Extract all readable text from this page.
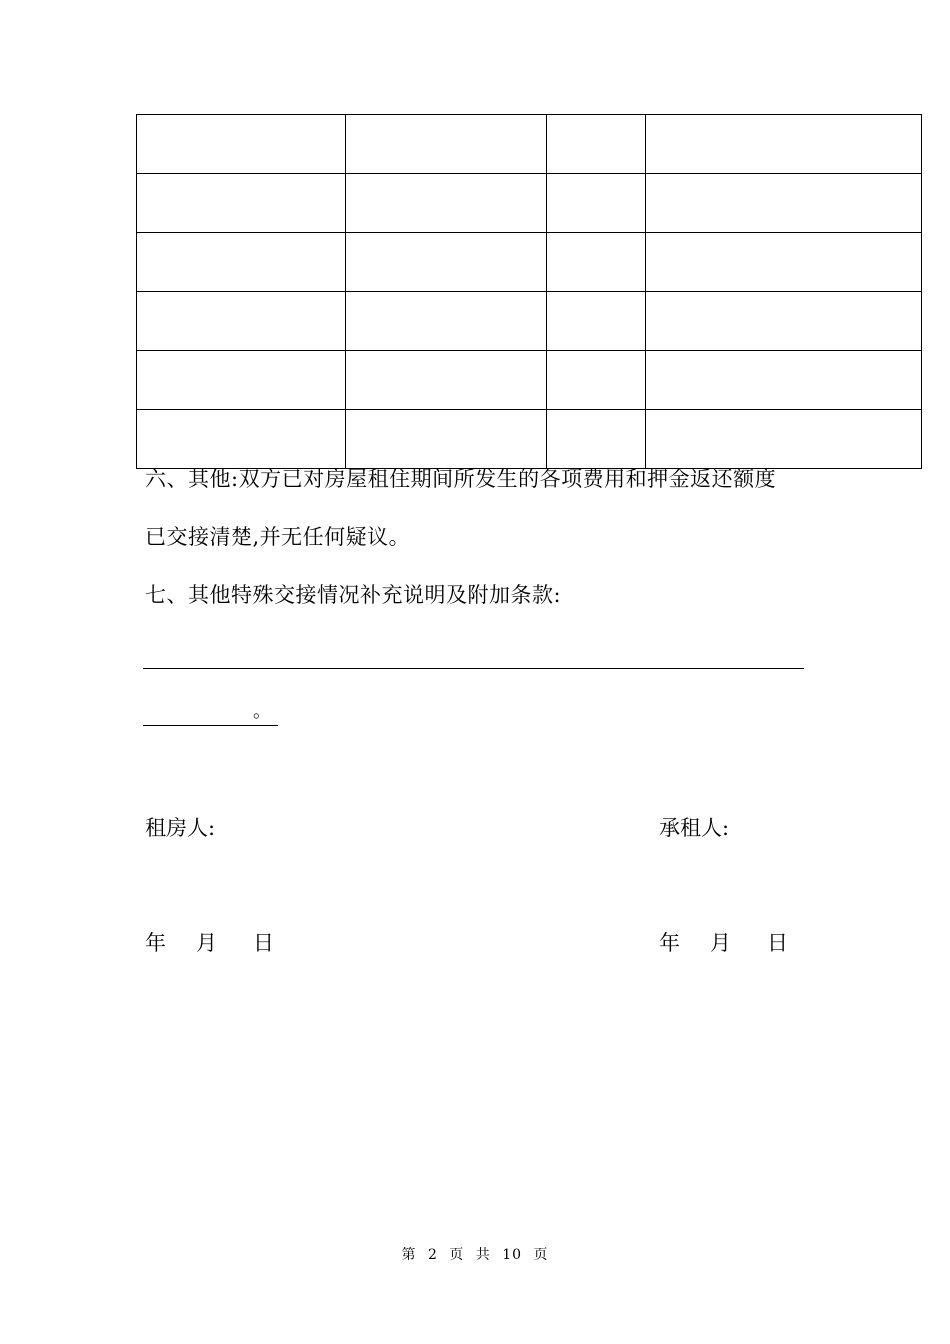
六、其他:双方已对房屋租住期间所发生的各项费用和押金返还额度
已交接清楚,并无任何疑议。
七、其他特殊交接情况补充说明及附加条款:
。
租房人:	承租人:
年 月 日	年 月 日
第 2 页 共 10 页
